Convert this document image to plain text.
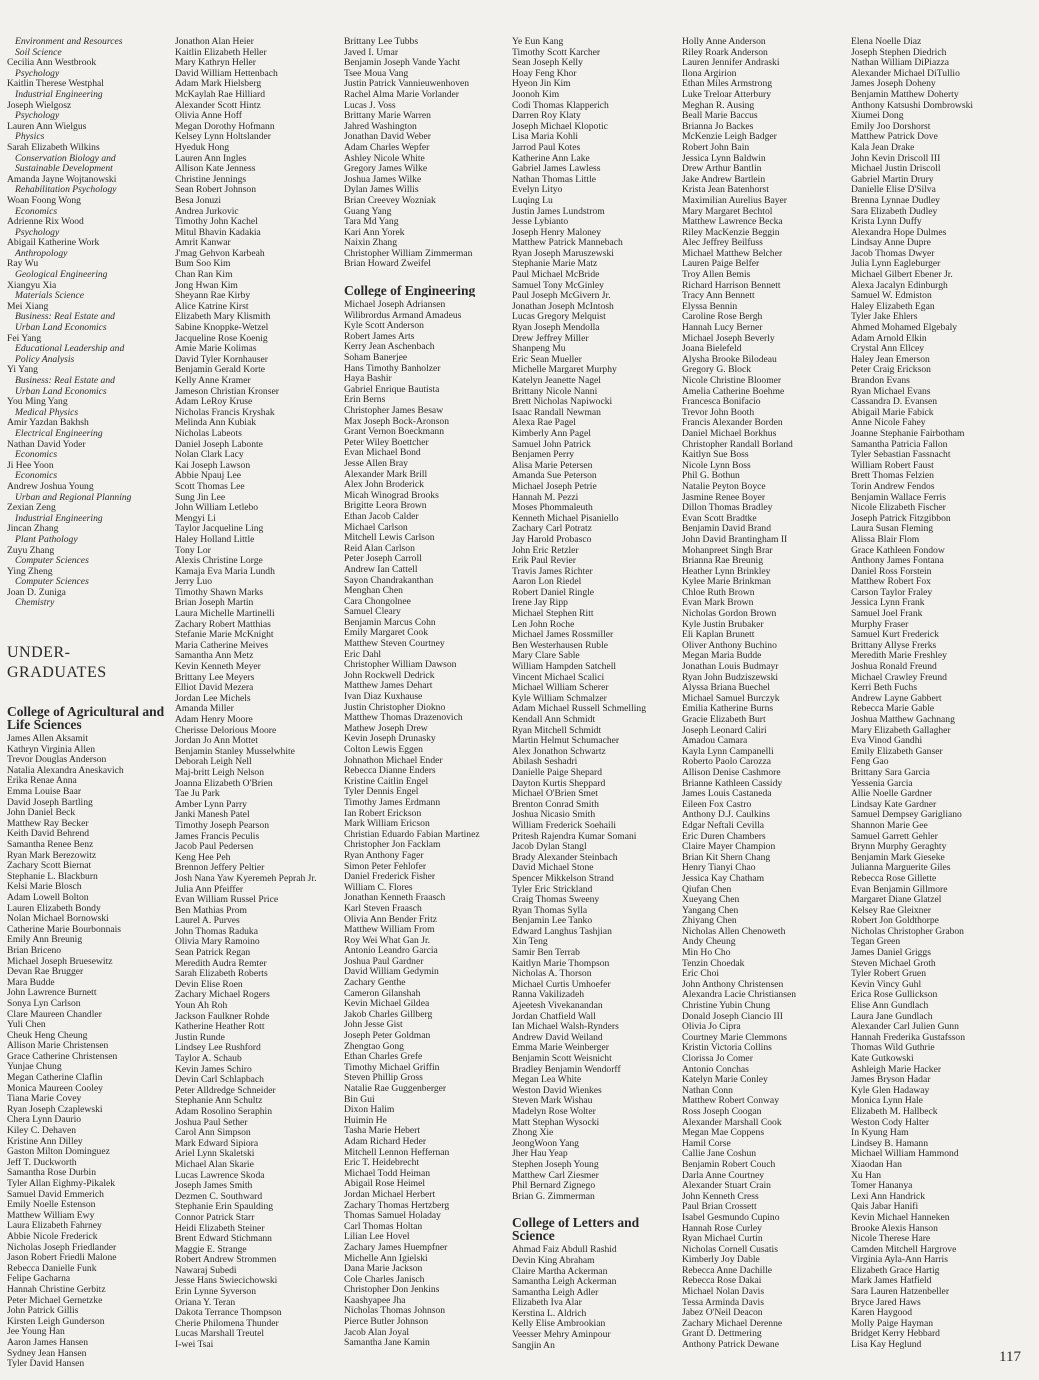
Environment and Resources
Soil Science
Cecilia Ann Westbrook
Psychology
Kaitlin Therese Westphal
Industrial Engineering
Joseph Wielgosz
Psychology
Lauren Ann Wielgus
Physics
Sarah Elizabeth Wilkins
Conservation Biology and
Sustainable Development
Amanda Jayne Wojtanowski
Rehabilitation Psychology
Woan Foong Wong
Economics
Adrienne Rix Wood
Psychology
Abigail Katherine Work
Anthropology
Ray Wu
Geological Engineering
Xiangyu Xia
Materials Science
Mei Xiang
Business: Real Estate and
Urban Land Economics
Fei Yang
Educational Leadership and
Policy Analysis
Yi Yang
Business: Real Estate and
Urban Land Economics
You Ming Yang
Medical Physics
Amir Yazdan Bakhsh
Electrical Engineering
Nathan David Yoder
Economics
Ji Hee Yoon
Economics
Andrew Joshua Young
Urban and Regional Planning
Zexian Zeng
Industrial Engineering
Jincan Zhang
Plant Pathology
Zuyu Zhang
Computer Sciences
Ying Zheng
Computer Sciences
Joan D. Zuniga
Chemistry
UNDER-GRADUATES
College of Agricultural and Life Sciences
James Allen Aksamit
Kathryn Virginia Allen
Trevor Douglas Anderson
Natalia Alexandra Aneskavich
Erika Renae Anna
Emma Louise Baar
David Joseph Bartling
John Daniel Beck
Matthew Ray Becker
Keith David Behrend
Samantha Renee Benz
Ryan Mark Berezowitz
Zachary Scott Biernat
Stephanie L. Blackburn
Kelsi Marie Blosch
Adam Lowell Bolton
Lauren Elizabeth Bondy
Nolan Michael Bornowski
Catherine Marie Bourbonnais
Emily Ann Breunig
Brian Briceno
Michael Joseph Bruesewitz
Devan Rae Brugger
Mara Budde
John Lawrence Burnett
Sonya Lyn Carlson
Clare Maureen Chandler
Yuli Chen
Cheuk Heng Cheung
Allison Marie Christensen
Grace Catherine Christensen
Yunjae Chung
Megan Catherine Claflin
Monica Maureen Cooley
Tiana Marie Covey
Ryan Joseph Czaplewski
Chera Lynn Daurio
Kiley C. Dehaven
Kristine Ann Dilley
Gaston Milton Dominguez
Jeff T. Duckworth
Samantha Rose Durbin
Tyler Allan Eighmy-Pikalek
Samuel David Emmerich
Emily Noelle Estenson
Matthew William Ewy
Laura Elizabeth Fahrney
Abbie Nicole Frederick
Nicholas Joseph Friedlander
Jason Robert Friedli Malone
Rebecca Danielle Funk
Felipe Gacharna
Hannah Christine Gerbitz
Peter Michael Gernetzke
John Patrick Gillis
Kirsten Leigh Gunderson
Jee Young Han
Aaron James Hansen
Sydney Jean Hansen
Tyler David Hansen
Jonathon Alan Heier
Kaitlin Elizabeth Heller
Mary Kathryn Heller
David William Hettenbach
Adam Mark Hielsberg
McKaylah Rae Hilliard
Alexander Scott Hintz
Olivia Anne Hoff
Megan Dorothy Hofmann
Kelsey Lynn Holtslander
Hyeduk Hong
Lauren Ann Ingles
Allison Kate Jenness
Christine Jennings
Sean Robert Johnson
Besa Jonuzi
Andrea Jurkovic
Timothy John Kachel
Mitul Bhavin Kadakia
Amrit Kanwar
J'mag Gehvon Karbeah
Bum Soo Kim
Chan Ran Kim
Jong Hwan Kim
Sheyann Rae Kirby
Alice Katrine Kirst
Elizabeth Mary Klismith
Sabine Knoppke-Wetzel
Jacqueline Rose Koenig
Amie Marie Kolimas
David Tyler Kornhauser
Benjamin Gerald Korte
Kelly Anne Kramer
Jameson Christian Kronser
Adam LeRoy Kruse
Nicholas Francis Kryshak
Melinda Ann Kubiak
Nicholas Labeots
Daniel Joseph Labonte
Nolan Clark Lacy
Kai Joseph Lawson
Abbie Npauj Lee
Scott Thomas Lee
Sung Jin Lee
John William Letlebo
Mengyi Li
Taylor Jacqueline Ling
Haley Holland Little
Tony Lor
Alexis Christine Lorge
Kamaja Eva Maria Lundh
Jerry Luo
Timothy Shawn Marks
Brian Joseph Martin
Laura Michelle Martinelli
Zachary Robert Matthias
Stefanie Marie McKnight
Maria Catherine Meives
Samantha Ann Metz
Kevin Kenneth Meyer
Brittany Lee Meyers
Elliot David Mezera
Jordan Lee Michels
Amanda Miller
Adam Henry Moore
Cherisse Delorious Moore
Jordan Jo Ann Mottet
Benjamin Stanley Musselwhite
Deborah Leigh Nell
Maj-britt Leigh Nelson
Joanna Elizabeth O'Brien
Tae Ju Park
Amber Lynn Parry
Janki Manesh Patel
Timothy Joseph Pearson
James Francis Peculis
Jacob Paul Pedersen
Keng Hee Peh
Brennon Jeffery Peltier
Josh Nana Yaw Kyeremeh Peprah Jr.
Julia Ann Pfeiffer
Evan William Russel Price
Ben Mathias Prom
Laurel A. Purves
John Thomas Raduka
Olivia Mary Ramoino
Sean Patrick Regan
Meredith Audra Remter
Sarah Elizabeth Roberts
Devin Elise Roen
Zachary Michael Rogers
Youn Ah Roh
Jackson Faulkner Rohde
Katherine Heather Rott
Justin Runde
Lindsey Lee Rushford
Taylor A. Schaub
Kevin James Schiro
Devin Carl Schlapbach
Peter Alldredge Schneider
Stephanie Ann Schultz
Adam Rosolino Seraphin
Joshua Paul Sether
Carol Ann Simpson
Mark Edward Sipiora
Ariel Lynn Skaletski
Michael Alan Skarie
Lucas Lawrence Skoda
Joseph James Smith
Dezmen C. Southward
Stephanie Erin Spaulding
Connor Patrick Starr
Heidi Elizabeth Steiner
Brent Edward Stichmann
Maggie E. Strange
Robert Andrew Strommen
Nawaraj Subedi
Jesse Hans Swiecichowski
Erin Lynne Syverson
Oriana Y. Teran
Dakota Terrance Thompson
Cherie Philomena Thunder
Lucas Marshall Treutel
I-wei Tsai
Brittany Lee Tubbs
Javed I. Umar
Benjamin Joseph Vande Yacht
Tsee Moua Vang
Justin Patrick Vannieuwenhoven
Rachel Alma Marie Vorlander
Lucas J. Voss
Brittany Marie Warren
Jahred Washington
Jonathan David Weber
Adam Charles Wepfer
Ashley Nicole White
Gregory James Wilke
Joshua James Wilke
Dylan James Willis
Brian Creevey Wozniak
Guang Yang
Tara Md Yang
Kari Ann Yorek
Naixin Zhang
Christopher William Zimmerman
Brian Howard Zweifel
College of Engineering
Michael Joseph Adriansen
Wilibrordus Armand Amadeus
Kyle Scott Anderson
Robert James Arts
Kerry Jean Aschenbach
Soham Banerjee
Hans Timothy Banholzer
Haya Bashir
Gabriel Enrique Bautista
Erin Berns
Christopher James Besaw
Max Joseph Bock-Aronson
Grant Vernon Boeckmann
Peter Wiley Boettcher
Evan Michael Bond
Jesse Allen Bray
Alexander Mark Brill
Alex John Broderick
Micah Winograd Brooks
Brigitte Leora Brown
Ethan Jacob Calder
Michael Carlson
Mitchell Lewis Carlson
Reid Alan Carlson
Peter Joseph Carroll
Andrew Ian Cattell
Sayon Chandrakanthan
Menghan Chen
Cara Chongolnee
Samuel Cleary
Benjamin Marcus Cohn
Emily Margaret Cook
Matthew Steven Courtney
Eric Dahl
Christopher William Dawson
John Rockwell Dedrick
Matthew James Dehart
Ivan Diaz Kuxhause
Justin Christopher Diokno
Matthew Thomas Drazenovich
Mathew Joseph Drew
Kevin Joseph Drunasky
Colton Lewis Eggen
Johnathon Michael Ender
Rebecca Dianne Enders
Kristine Caitlin Engel
Tyler Dennis Engel
Timothy James Erdmann
Ian Robert Erickson
Mark William Ericson
Christian Eduardo Fabian Martinez
Christopher Jon Facklam
Ryan Anthony Fager
Simon Peter Fehlofer
Daniel Frederick Fisher
William C. Flores
Jonathan Kenneth Fraasch
Karl Steven Fraasch
Olivia Ann Bender Fritz
Matthew William From
Roy Wei What Gan Jr.
Antonio Leandro Garcia
Joshua Paul Gardner
David William Gedymin
Zachary Genthe
Cameron Gilanshah
Kevin Michael Gildea
Jakob Charles Gillberg
John Jesse Gist
Joseph Peter Goldman
Zhengtao Gong
Ethan Charles Grefe
Timothy Michael Griffin
Steven Phillip Gross
Natalie Rae Guggenberger
Bin Gui
Dixon Halim
Huimin He
Tasha Marie Hebert
Adam Richard Heder
Mitchell Lennon Heffernan
Eric T. Heidebrecht
Michael Todd Heiman
Abigail Rose Heimel
Jordan Michael Herbert
Zachary Thomas Hertzberg
Thomas Samuel Holaday
Carl Thomas Holtan
Lilian Lee Hovel
Zachary James Huempfner
Michelle Ann Igielski
Dana Marie Jackson
Cole Charles Janisch
Christopher Don Jenkins
Kaashyapee Jha
Nicholas Thomas Johnson
Pierce Butler Johnson
Jacob Alan Joyal
Samantha Jane Kamin
Ye Eun Kang
Timothy Scott Karcher
Sean Joseph Kelly
Hoay Feng Khor
Hyeon Jin Kim
Joonoh Kim
Codi Thomas Klapperich
Darren Roy Klaty
Joseph Michael Klopotic
Lisa Maria Kohli
Jarrod Paul Kotes
Katherine Ann Lake
Gabriel James Lawless
Nathan Thomas Little
Evelyn Lityo
Luqing Lu
Justin James Lundstrom
Jesse Lybianto
Joseph Henry Maloney
Matthew Patrick Mannebach
Ryan Joseph Maruszewski
Stephanie Marie Matz
Paul Michael McBride
Samuel Tony McGinley
Paul Joseph McGivern Jr.
Jonathan Joseph McIntosh
Lucas Gregory Melquist
Ryan Joseph Mendolla
Drew Jeffrey Miller
Shanpeng Mu
Eric Sean Mueller
Michelle Margaret Murphy
Katelyn Jeanette Nagel
Brittany Nicole Nanni
Brett Nicholas Napiwocki
Isaac Randall Newman
Alexa Rae Pagel
Kimberly Ann Pagel
Samuel John Patrick
Benjamen Perry
Alisa Marie Petersen
Amanda Sue Peterson
Michael Joseph Petrie
Hannah M. Pezzi
Moses Phommaleuth
Kenneth Michael Pisaniello
Zachary Carl Potratz
Jay Harold Probasco
John Eric Retzler
Erik Paul Revier
Travis James Richter
Aaron Lon Riedel
Robert Daniel Ringle
Irene Jay Ripp
Michael Stephen Ritt
Len John Roche
Michael James Rossmiller
Ben Westerhausen Ruble
Mary Clare Sable
William Hampden Satchell
Vincent Michael Scalici
Michael William Scherer
Kyle William Schmalzer
Adam Michael Russell Schmelling
Kendall Ann Schmidt
Ryan Mitchell Schmidt
Martin Helmut Schumacher
Alex Jonathon Schwartz
Abilash Seshadri
Danielle Paige Shepard
Dayton Kurtis Sheppard
Michael O'Brien Smet
Brenton Conrad Smith
Joshua Nicasio Smith
William Frederick Soehaili
Pritesh Rajendra Kumar Somani
Jacob Dylan Stangl
Brady Alexander Steinbach
David Michael Stone
Spencer Mikkelson Strand
Tyler Eric Strickland
Craig Thomas Sweeny
Ryan Thomas Sylla
Benjamin Lee Tanko
Edward Langhus Tashjian
Xin Teng
Samir Ben Terrab
Kaitlyn Marie Thompson
Nicholas A. Thorson
Michael Curtis Umhoefer
Ranna Vakilizadeh
Ajeetesh Vivekanandan
Jordan Chatfield Wall
Ian Michael Walsh-Rynders
Andrew David Weiland
Emma Marie Weinberger
Benjamin Scott Weisnicht
Bradley Benjamin Wendorff
Megan Lea White
Weston David Wienkes
Steven Mark Wishau
Madelyn Rose Wolter
Matt Stephan Wysocki
Zhong Xie
JeongWoon Yang
Jher Hau Yeap
Stephen Joseph Young
Matthew Carl Ziesmer
Phil Bernard Zignego
Brian G. Zimmerman
College of Letters and Science
Ahmad Faiz Abdull Rashid
Devin King Abraham
Claire Martha Ackerman
Samantha Leigh Ackerman
Samantha Leigh Adler
Elizabeth Iva Alar
Kerstina L. Aldrich
Kelly Elise Ambrookian
Veesser Mehry Aminpour
Sangjin An
Holly Anne Anderson
Riley Roark Anderson
Lauren Jennifer Andraski
Ilona Argirion
Ethan Miles Armstrong
Luke Treloar Atterbury
Meghan R. Ausing
Beall Marie Baccus
Brianna Jo Backes
McKenzie Leigh Badger
Robert John Bain
Jessica Lynn Baldwin
Drew Arthur Bantlin
Jake Andrew Bartlein
Krista Jean Batenhorst
Maximilian Aurelius Bayer
Mary Margaret Bechtol
Matthew Lawrence Becka
Riley MacKenzie Beggin
Alec Jeffrey Beilfuss
Michael Matthew Belcher
Lauren Paige Belfer
Troy Allen Bemis
Richard Harrison Bennett
Tracy Ann Bennett
Elyssa Bennin
Caroline Rose Bergh
Hannah Lucy Berner
Michael Joseph Beverly
Joana Bielefeld
Alysha Brooke Bilodeau
Gregory G. Block
Nicole Christine Bloomer
Amelia Catherine Boehme
Francesca Bonifacio
Trevor John Booth
Francis Alexander Borden
Daniel Michael Borkhus
Christopher Randall Borland
Kaitlyn Sue Boss
Nicole Lynn Boss
Phil G. Bothun
Natalie Peyton Boyce
Jasmine Renee Boyer
Dillon Thomas Bradley
Evan Scott Bradtke
Benjamin David Brand
John David Brantingham II
Mohanpreet Singh Brar
Brianna Rae Breunig
Heather Lynn Brinkley
Kylee Marie Brinkman
Chloe Ruth Brown
Evan Mark Brown
Nicholas Gordon Brown
Kyle Justin Brubaker
Eli Kaplan Brunett
Oliver Anthony Buchino
Megan Maria Budde
Jonathan Louis Budmayr
Ryan John Budziszewski
Alyssa Briana Buechel
Michael Samuel Burczyk
Emilia Katherine Burns
Gracie Elizabeth Burt
Joseph Leonard Caliri
Amadou Camara
Kayla Lynn Campanelli
Roberto Paolo Carozza
Allison Denise Cashmore
Brianne Kathleen Cassidy
James Louis Castaneda
Eileen Fox Castro
Anthony D.J. Caulkins
Edgar Neftali Cevilla
Eric Duren Chambers
Claire Mayer Champion
Brian Kit Shern Chang
Henry Tianyi Chao
Jessica Kay Chatham
Qiufan Chen
Xueyang Chen
Yangang Chen
Zhiyang Chen
Nicholas Allen Chenoweth
Andy Cheung
Min Ho Cho
Tenzin Choedak
Eric Choi
John Anthony Christensen
Alexandra Lacie Christiansen
Christine Yubin Chung
Donald Joseph Ciancio III
Olivia Jo Cipra
Courtney Marie Clemmons
Kristin Victoria Collins
Clorissa Jo Comer
Antonio Conchas
Katelyn Marie Conley
Nathan Conn
Matthew Robert Conway
Ross Joseph Coogan
Alexander Marshall Cook
Megan Mae Coppens
Hamil Corse
Callie Jane Coshun
Benjamin Robert Couch
Darla Anne Courtney
Alexander Stuart Crain
John Kenneth Cress
Paul Brian Crossett
Isabel Gesmundo Cupino
Hannah Rose Curley
Ryan Michael Curtin
Nicholas Cornell Cusatis
Kimberly Joy Dable
Rebecca Anne Dachille
Rebecca Rose Dakai
Michael Nolan Davis
Tessa Arminda Davis
Jabez O'Neil Deacon
Zachary Michael Derenne
Grant D. Dettmering
Anthony Patrick Dewane
Elena Noelle Diaz
Joseph Stephen Diedrich
Nathan William DiPiazza
Alexander Michael DiTullio
James Joseph Doheny
Benjamin Matthew Doherty
Anthony Katsushi Dombrowski
Xiumei Dong
Emily Joo Dorshorst
Matthew Patrick Dove
Kala Jean Drake
John Kevin Driscoll III
Michael Justin Driscoll
Gabriel Martin Drury
Danielle Elise D'Silva
Brenna Lynnae Dudley
Sara Elizabeth Dudley
Krista Lynn Duffy
Alexandra Hope Dulmes
Lindsay Anne Dupre
Jacob Thomas Dwyer
Julia Lynn Eagleburger
Michael Gilbert Ebener Jr.
Alexa Jacalyn Edinburgh
Samuel W. Edmiston
Haley Elizabeth Egan
Tyler Jake Ehlers
Ahmed Mohamed Elgebaly
Adam Arnold Elkin
Crystal Ann Ellcey
Haley Jean Emerson
Peter Craig Erickson
Brandon Evans
Ryan Michael Evans
Cassandra D. Evansen
Abigail Marie Fabick
Anne Nicole Fahey
Joanne Stephanie Fairbotham
Samantha Patricia Fallon
Tyler Sebastian Fassnacht
William Robert Faust
Brett Thomas Felzien
Torin Andrew Fendos
Benjamin Wallace Ferris
Nicole Elizabeth Fischer
Joseph Patrick Fitzgibbon
Laura Susan Fleming
Alissa Blair Flom
Grace Kathleen Fondow
Anthony James Fontana
Daniel Ross Forstein
Matthew Robert Fox
Carson Taylor Fraley
Jessica Lynn Frank
Samuel Joel Frank
Murphy Fraser
Samuel Kurt Frederick
Brittany Allyse Frerks
Meredith Marie Freshley
Joshua Ronald Freund
Michael Crawley Freund
Kerri Beth Fuchs
Andrew Layne Gabbert
Rebecca Marie Gable
Joshua Matthew Gachnang
Mary Elizabeth Gallagher
Eva Vinod Gandhi
Emily Elizabeth Ganser
Feng Gao
Brittany Sara Garcia
Yessenia Garcia
Allie Noelle Gardner
Lindsay Kate Gardner
Samuel Dempsey Garigliano
Shannon Marie Gee
Samuel Garrett Gehler
Brynn Murphy Geraghty
Benjamin Mark Gieseke
Julianna Marguerite Giles
Rebecca Rose Gillette
Evan Benjamin Gillmore
Margaret Diane Glatzel
Kelsey Rae Gleixner
Robert Jon Goldthorpe
Nicholas Christopher Grabon
Tegan Green
James Daniel Griggs
Steven Michael Groth
Tyler Robert Gruen
Kevin Vincy Guhl
Erica Rose Gullickson
Elise Ann Gundlach
Laura Jane Gundlach
Alexander Carl Julien Gunn
Hannah Frederika Gustafsson
Thomas Wild Guthrie
Kate Gutkowski
Ashleigh Marie Hacker
James Bryson Hadar
Kyle Glen Hadaway
Monica Lynn Hale
Elizabeth M. Hallbeck
Weston Cody Halter
In Kyung Ham
Lindsey B. Hamann
Michael William Hammond
Xiaodan Han
Xu Han
Tomer Hananya
Lexi Ann Handrick
Qais Jabar Hanifi
Kevin Michael Hanneken
Brooke Alexis Hanson
Nicole Therese Hare
Camden Mitchell Hargrove
Virginia Ayla-Ann Harris
Elizabeth Grace Hartig
Mark James Hatfield
Sara Lauren Hatzenbeller
Bryce Jared Haws
Karen Haygood
Molly Paige Hayman
Bridget Kerry Hebbard
Lisa Kay Heglund
117
